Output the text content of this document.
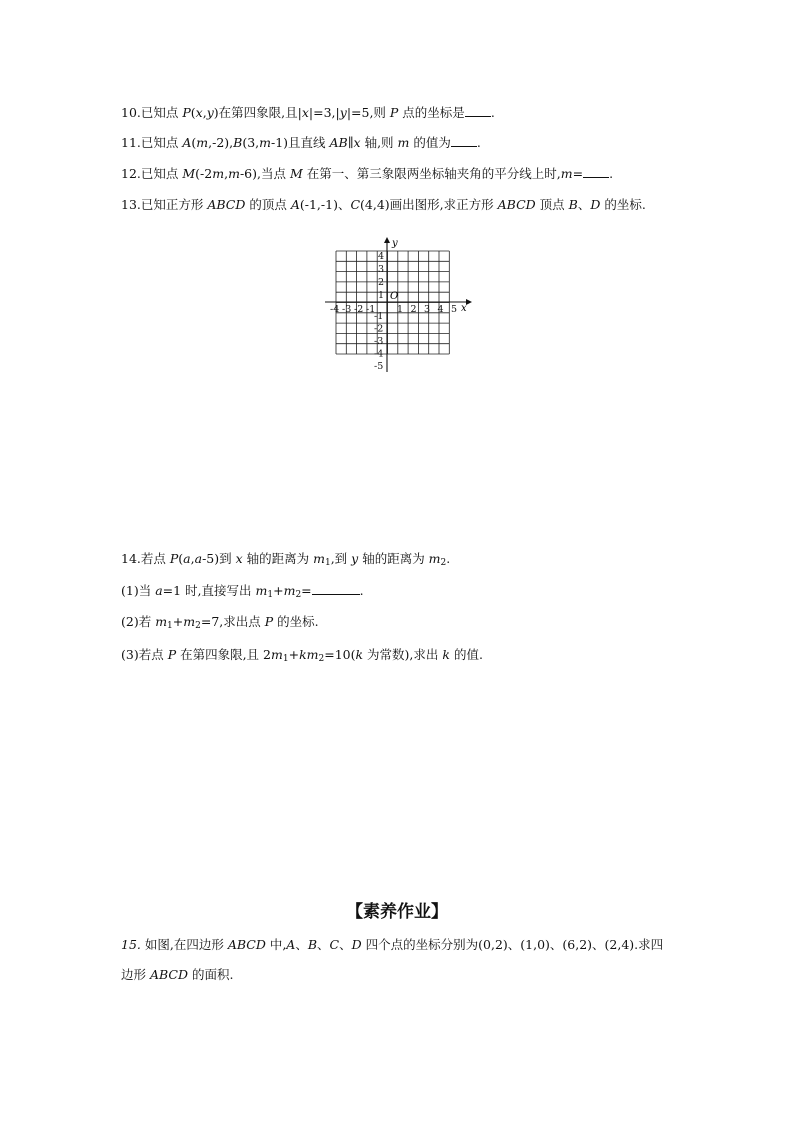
10.已知点 P(x,y)在第四象限,且|x|=3,|y|=5,则 P 点的坐标是 .
11.已知点 A(m,-2),B(3,m-1)且直线 AB∥x 轴,则 m 的值为 .
12.已知点 M(-2m,m-6),当点 M 在第一、第三象限两坐标轴夹角的平分线上时,m= .
13.已知正方形 ABCD 的顶点 A(-1,-1)、C(4,4)画出图形,求正方形 ABCD 顶点 B、D 的坐标.
x
y
O
-4 -3 -2 -1 1 2 3 4 5
4
3
2
1
-1
-2
-3
-4
-5
14.若点 P(a,a-5)到 x 轴的距离为 $m_1$,到 y 轴的距离为 $m_2$.
(1)当 a=1 时,直接写出 $m_1+m_2=$	.
(2)若 $m_1+m_2=7$,求出点 P 的坐标.
(3)若点 P 在第四象限,且 $2m_1+km_2=10(k$ 为常数),求出 k 的值.
【素养作业】
15. 如图,在四边形 ABCD 中,A、B、C、D 四个点的坐标分别为(0,2)、(1,0)、(6,2)、(2,4).求四
边形 ABCD 的面积.
